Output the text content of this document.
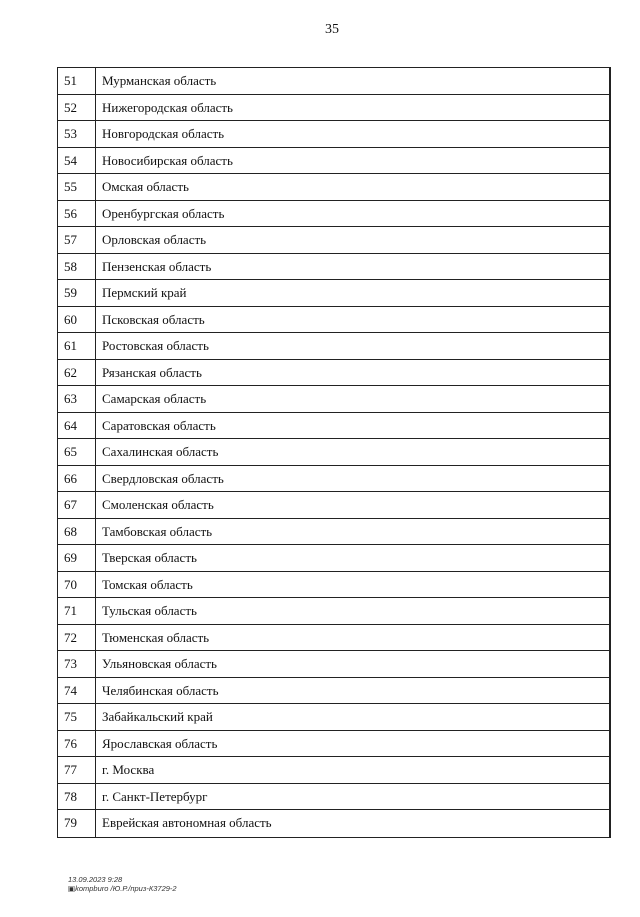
35
51	Мурманская область
52	Нижегородская область
53	Новгородская область
54	Новосибирская область
55	Омская область
56	Оренбургская область
57	Орловская область
58	Пензенская область
59	Пермский край
60	Псковская область
61	Ростовская область
62	Рязанская область
63	Самарская область
64	Саратовская область
65	Сахалинская область
66	Свердловская область
67	Смоленская область
68	Тамбовская область
69	Тверская область
70	Томская область
71	Тульская область
72	Тюменская область
73	Ульяновская область
74	Челябинская область
75	Забайкальский край
76	Ярославская область
77	г. Москва
78	г. Санкт-Петербург
79	Еврейская автономная область
13.09.2023 9:28
▣kompburo /Ю.Р./приз-К3729-2
